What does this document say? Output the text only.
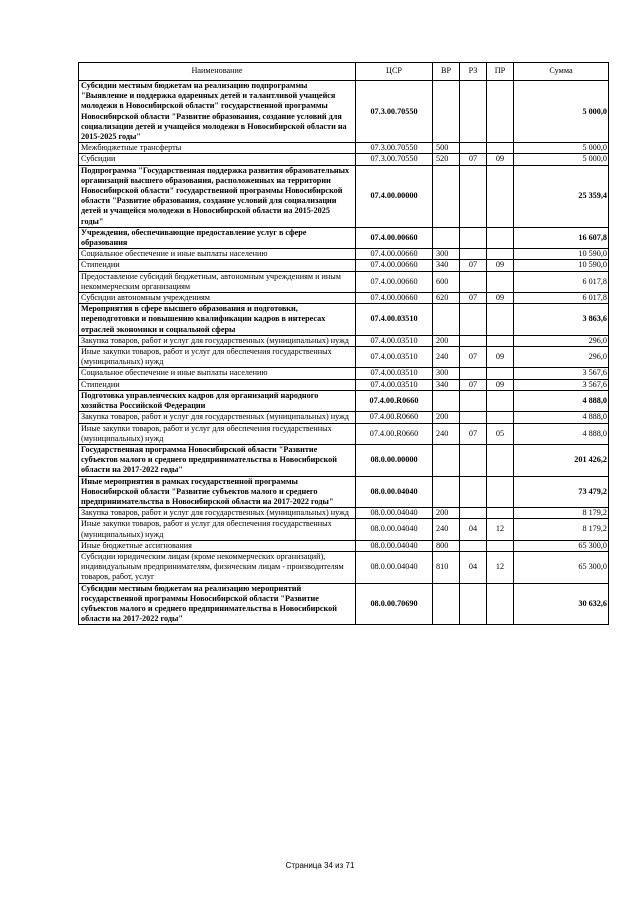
Наименование	ЦСР	ВР	РЗ	ПР	Сумма
Субсидии местным бюджетам на реализацию подпрограммы "Выявление и поддержка одаренных детей и талантливой учащейся молодежи в Новосибирской области" государственной программы Новосибирской области "Развитие образования, создание условий для социализации детей и учащейся молодежи в Новосибирской области на 2015-2025 годы"	07.3.00.70550				5 000,0
Межбюджетные трансферты	07.3.00.70550	500			5 000,0
Субсидии	07.3.00.70550	520	07	09	5 000,0
Подпрограмма "Государственная поддержка развития образовательных организаций высшего образования, расположенных на территории Новосибирской области" государственной программы Новосибирской области "Развитие образования, создание условий для социализации детей и учащейся молодежи в Новосибирской области на 2015-2025 годы"	07.4.00.00000				25 359,4
Учреждения, обеспечивающие предоставление услуг в сфере образования	07.4.00.00660				16 607,8
Социальное обеспечение и иные выплаты населению	07.4.00.00660	300			10 590,0
Стипендии	07.4.00.00660	340	07	09	10 590,0
Предоставление субсидий бюджетным, автономным учреждениям и иным некоммерческим организациям	07.4.00.00660	600			6 017,8
Субсидии автономным учреждениям	07.4.00.00660	620	07	09	6 017,8
Мероприятия в сфере высшего образования и подготовки, переподготовки и повышению квалификации кадров в интересах отраслей экономики и социальной сферы	07.4.00.03510				3 863,6
Закупка товаров, работ и услуг для государственных (муниципальных) нужд	07.4.00.03510	200			296,0
Иные закупки товаров, работ и услуг для обеспечения государственных (муниципальных) нужд	07.4.00.03510	240	07	09	296,0
Социальное обеспечение и иные выплаты населению	07.4.00.03510	300			3 567,6
Стипендии	07.4.00.03510	340	07	09	3 567,6
Подготовка управленческих кадров для организаций народного хозяйства Российской Федерации	07.4.00.R0660				4 888,0
Закупка товаров, работ и услуг для государственных (муниципальных) нужд	07.4.00.R0660	200			4 888,0
Иные закупки товаров, работ и услуг для обеспечения государственных (муниципальных) нужд	07.4.00.R0660	240	07	05	4 888,0
Государственная программа Новосибирской области "Развитие субъектов малого и среднего предпринимательства в Новосибирской области на 2017-2022 годы"	08.0.00.00000				201 426,2
Иные мероприятия в рамках государственной программы Новосибирской области "Развитие субъектов малого и среднего предпринимательства в Новосибирской области на 2017-2022 годы"	08.0.00.04040				73 479,2
Закупка товаров, работ и услуг для государственных (муниципальных) нужд	08.0.00.04040	200			8 179,2
Иные закупки товаров, работ и услуг для обеспечения государственных (муниципальных) нужд	08.0.00.04040	240	04	12	8 179,2
Иные бюджетные ассигнования	08.0.00.04040	800			65 300,0
Субсидии юридическим лицам (кроме некоммерческих организаций), индивидуальным предпринимателям, физическим лицам - производителям товаров, работ, услуг	08.0.00.04040	810	04	12	65 300,0
Субсидии местным бюджетам на реализацию мероприятий государственной программы Новосибирской области "Развитие субъектов малого и среднего предпринимательства в Новосибирской области на 2017-2022 годы"	08.0.00.70690				30 632,6
Страница 34 из 71
